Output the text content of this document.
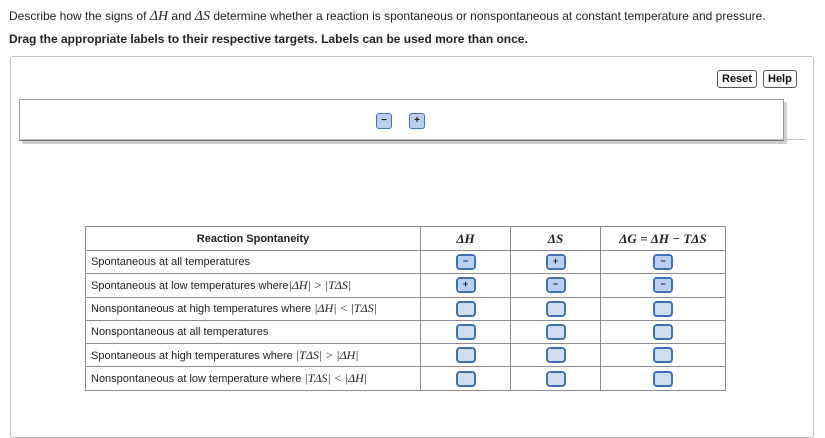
Describe how the signs of ΔH and ΔS determine whether a reaction is spontaneous or nonspontaneous at constant temperature and pressure.
Drag the appropriate labels to their respective targets. Labels can be used more than once.
Reset	Help
−	+
Reaction Spontaneity	ΔH	ΔS	ΔG = ΔH − TΔS
Spontaneous at all temperatures	−	+	−

Spontaneous at low temperatures where|ΔH| > |TΔS|	+	−	−

Nonspontaneous at high temperatures where |ΔH| < |TΔS|	

Nonspontaneous at all temperatures	

Spontaneous at high temperatures where |TΔS| > |ΔH|	

Nonspontaneous at low temperature where |TΔS| < |ΔH|	
